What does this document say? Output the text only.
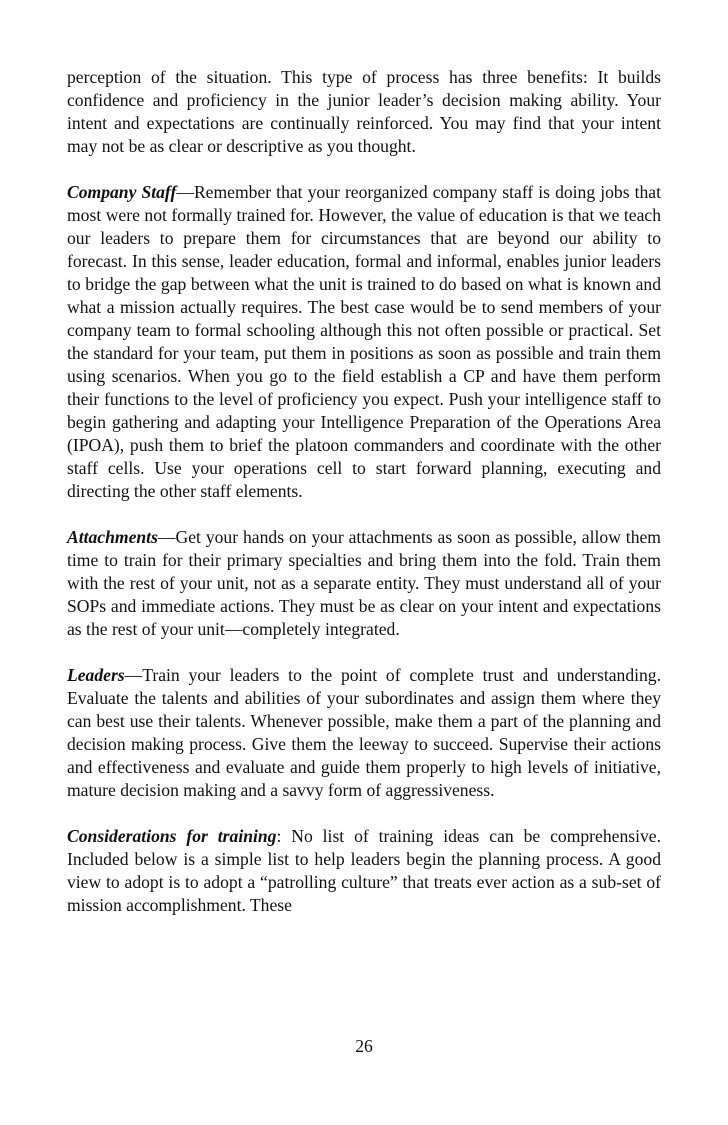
perception of the situation. This type of process has three benefits: It builds confidence and proficiency in the junior leader’s decision making ability. Your intent and expectations are continually reinforced. You may find that your intent may not be as clear or descriptive as you thought.

Company Staff—Remember that your reorganized company staff is doing jobs that most were not formally trained for. However, the value of education is that we teach our leaders to prepare them for circumstances that are beyond our ability to forecast. In this sense, leader education, formal and informal, enables junior leaders to bridge the gap between what the unit is trained to do based on what is known and what a mission actually requires. The best case would be to send members of your company team to formal schooling although this not often possible or practical. Set the standard for your team, put them in positions as soon as possible and train them using scenarios. When you go to the field establish a CP and have them perform their functions to the level of proficiency you expect. Push your intelligence staff to begin gathering and adapting your Intelligence Preparation of the Operations Area (IPOA), push them to brief the platoon commanders and coordinate with the other staff cells. Use your operations cell to start forward planning, executing and directing the other staff elements.

Attachments—Get your hands on your attachments as soon as possible, allow them time to train for their primary specialties and bring them into the fold. Train them with the rest of your unit, not as a separate entity. They must understand all of your SOPs and immediate actions. They must be as clear on your intent and expectations as the rest of your unit—completely integrated.

Leaders—Train your leaders to the point of complete trust and understanding. Evaluate the talents and abilities of your subordinates and assign them where they can best use their talents. Whenever possible, make them a part of the planning and decision making process. Give them the leeway to succeed. Supervise their actions and effectiveness and evaluate and guide them properly to high levels of initiative, mature decision making and a savvy form of aggressiveness.

Considerations for training: No list of training ideas can be comprehensive. Included below is a simple list to help leaders begin the planning process. A good view to adopt is to adopt a “patrolling culture” that treats ever action as a sub-set of mission accomplishment. These

26
